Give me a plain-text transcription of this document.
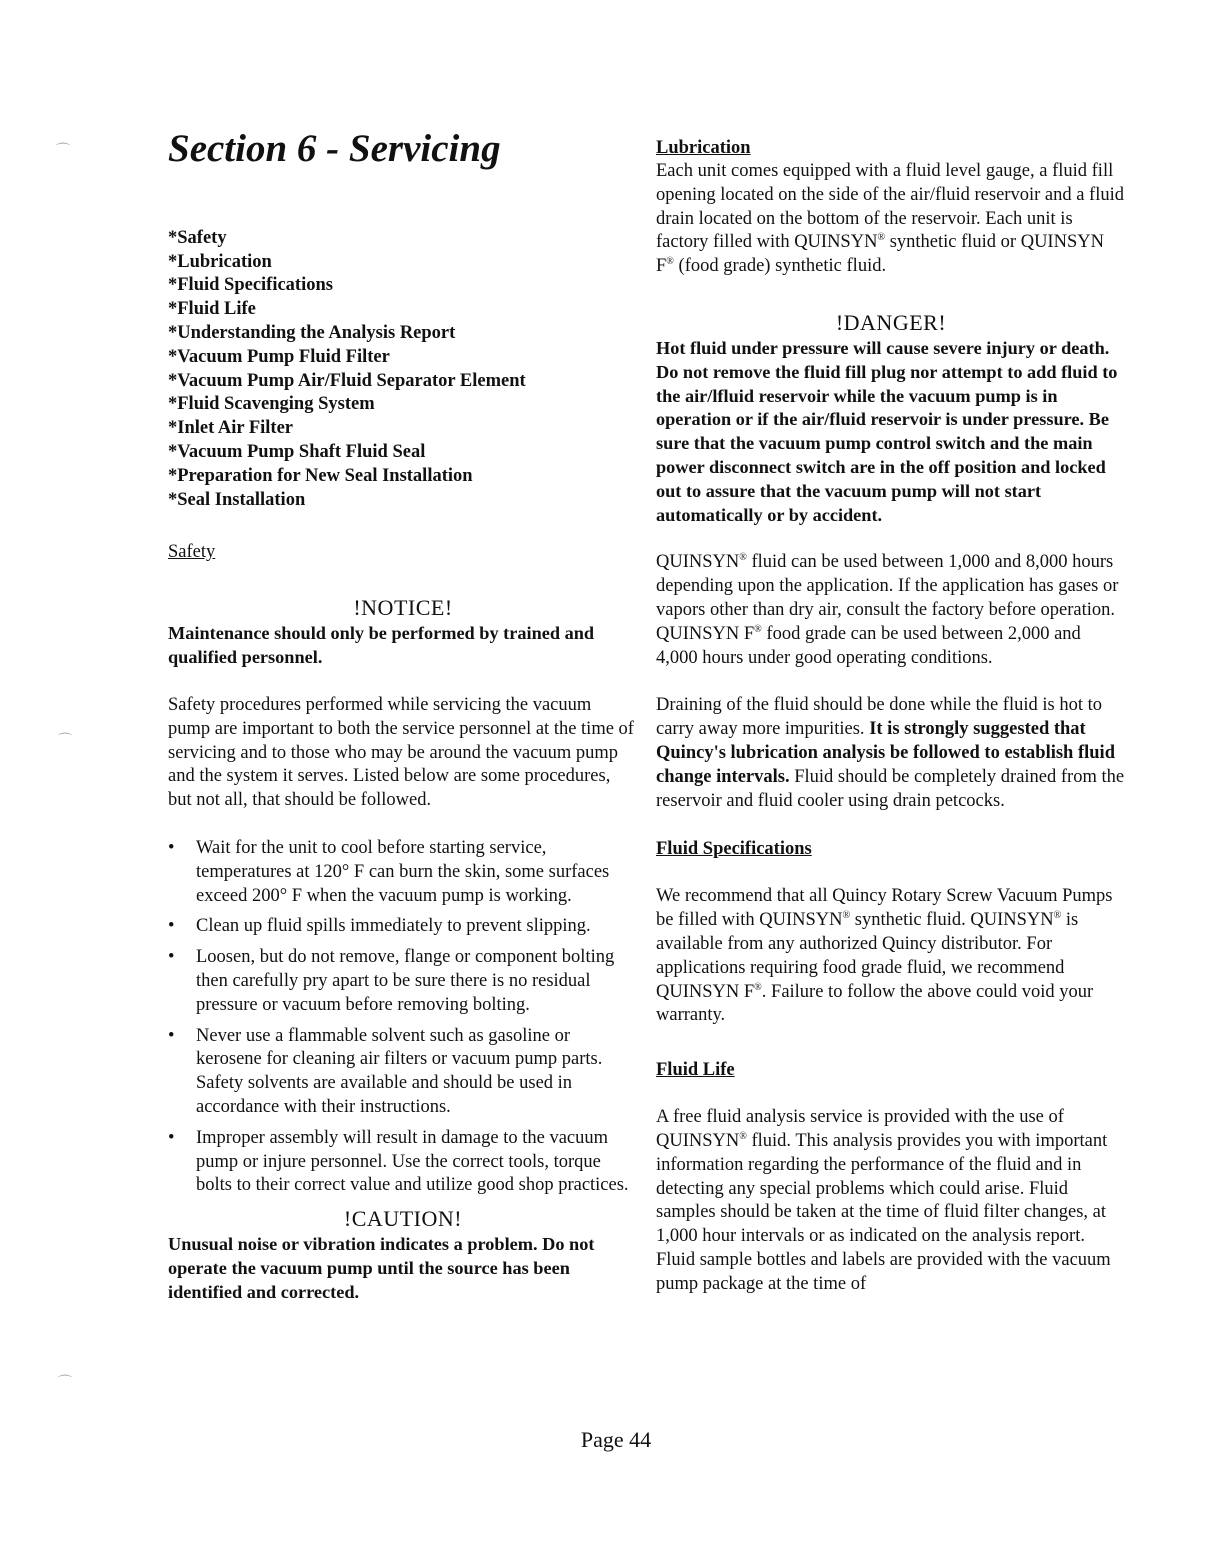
⌒
⌒
⌒
Section 6 - Servicing
*Safety
*Lubrication
*Fluid Specifications
*Fluid Life
*Understanding the Analysis Report
*Vacuum Pump Fluid Filter
*Vacuum Pump Air/Fluid Separator Element
*Fluid Scavenging System
*Inlet Air Filter
*Vacuum Pump Shaft Fluid Seal
*Preparation for New Seal Installation
*Seal Installation
Safety
!NOTICE!

Maintenance should only be performed by trained and qualified personnel.

Safety procedures performed while servicing the vacuum pump are important to both the service personnel at the time of servicing and to those who may be around the vacuum pump and the system it serves. Listed below are some procedures, but not all, that should be followed.

• Wait for the unit to cool before starting service, temperatures at 120° F can burn the skin, some surfaces exceed 200° F when the vacuum pump is working.
• Clean up fluid spills immediately to prevent slipping.
• Loosen, but do not remove, flange or component bolting then carefully pry apart to be sure there is no residual pressure or vacuum before removing bolting.
• Never use a flammable solvent such as gasoline or kerosene for cleaning air filters or vacuum pump parts. Safety solvents are available and should be used in accordance with their instructions.
• Improper assembly will result in damage to the vacuum pump or injure personnel. Use the correct tools, torque bolts to their correct value and utilize good shop practices.
!CAUTION!

Unusual noise or vibration indicates a problem. Do not operate the vacuum pump until the source has been identified and corrected.

Lubrication

Each unit comes equipped with a fluid level gauge, a fluid fill opening located on the side of the air/fluid reservoir and a fluid drain located on the bottom of the reservoir. Each unit is factory filled with QUINSYN® synthetic fluid or QUINSYN F® (food grade) synthetic fluid.

!DANGER!

Hot fluid under pressure will cause severe injury or death. Do not remove the fluid fill plug nor attempt to add fluid to the air/lfluid reservoir while the vacuum pump is in operation or if the air/fluid reservoir is under pressure. Be sure that the vacuum pump control switch and the main power disconnect switch are in the off position and locked out to assure that the vacuum pump will not start automatically or by accident.

QUINSYN® fluid can be used between 1,000 and 8,000 hours depending upon the application. If the application has gases or vapors other than dry air, consult the factory before operation. QUINSYN F® food grade can be used between 2,000 and 4,000 hours under good operating conditions.

Draining of the fluid should be done while the fluid is hot to carry away more impurities. It is strongly suggested that Quincy's lubrication analysis be followed to establish fluid change intervals. Fluid should be completely drained from the reservoir and fluid cooler using drain petcocks.

Fluid Specifications

We recommend that all Quincy Rotary Screw Vacuum Pumps be filled with QUINSYN® synthetic fluid. QUINSYN® is available from any authorized Quincy distributor. For applications requiring food grade fluid, we recommend QUINSYN F®. Failure to follow the above could void your warranty.

Fluid Life

A free fluid analysis service is provided with the use of QUINSYN® fluid. This analysis provides you with important information regarding the performance of the fluid and in detecting any special problems which could arise. Fluid samples should be taken at the time of fluid filter changes, at 1,000 hour intervals or as indicated on the analysis report. Fluid sample bottles and labels are provided with the vacuum pump package at the time of

Page 44
